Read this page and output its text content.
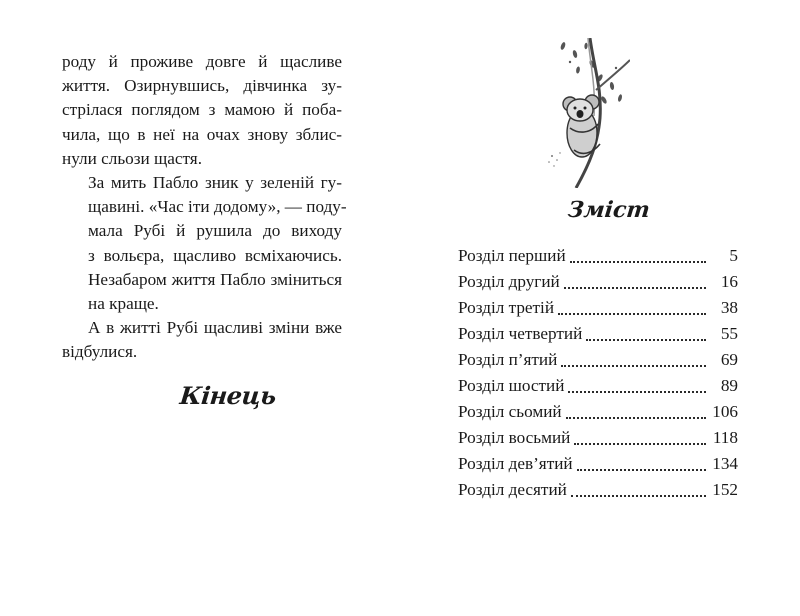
роду й проживе довге й щасливе
життя. Озирнувшись, дівчинка зу-
стрілася поглядом з мамою й поба-
чила, що в неї на очах знову зблис-
нули сльози щастя.

За мить Пабло зник у зеленій гу-
щавині. «Час іти додому», — поду-
мала Рубі й рушила до виходу
з вольєра, щасливо всміхаючись.
Незабаром життя Пабло зміниться
на краще.

А в житті Рубі щасливі зміни вже
відбулися.

Кінець
Зміст
Розділ перший	5
Розділ другий	16
Розділ третій	38
Розділ четвертий	55
Розділ п’ятий	69
Розділ шостий	89
Розділ сьомий	106
Розділ восьмий	118
Розділ дев’ятий	134
Розділ десятий	152
